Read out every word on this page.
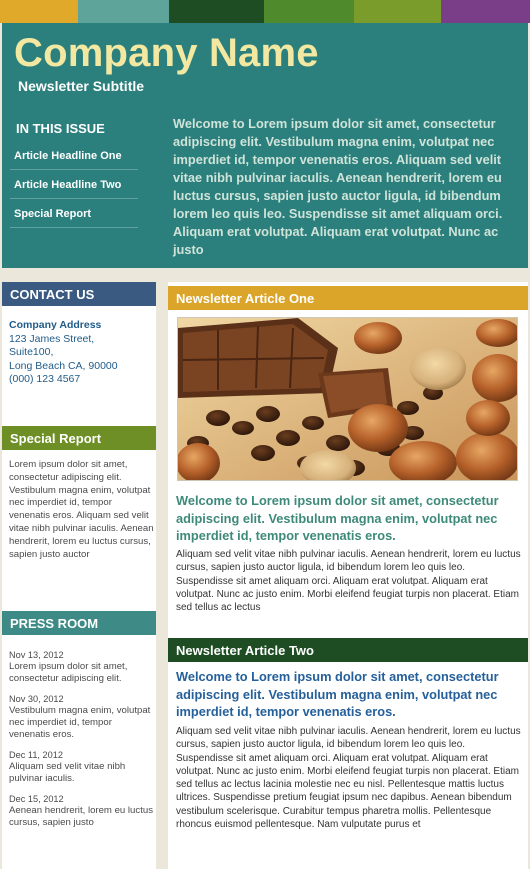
Company Name
Newsletter Subtitle
IN THIS ISSUE
Article Headline One
Article Headline Two
Special Report
Welcome to Lorem ipsum dolor sit amet, consectetur adipiscing elit. Vestibulum magna enim, volutpat nec imperdiet id, tempor venenatis eros. Aliquam sed velit vitae nibh pulvinar iaculis. Aenean hendrerit, lorem eu luctus cursus, sapien justo auctor ligula, id bibendum lorem leo quis leo. Suspendisse sit amet aliquam orci. Aliquam erat volutpat. Aliquam erat volutpat. Nunc ac justo
CONTACT US
Company Address
123 James Street,
Suite100,
Long Beach CA, 90000
(000) 123 4567
Special Report
Lorem ipsum dolor sit amet, consectetur adipiscing elit. Vestibulum magna enim, volutpat nec imperdiet id, tempor venenatis eros. Aliquam sed velit vitae nibh pulvinar iaculis. Aenean hendrerit, lorem eu luctus cursus, sapien justo auctor
PRESS ROOM
Nov 13, 2012
Lorem ipsum dolor sit amet, consectetur adipiscing elit.
Nov 30, 2012
Vestibulum magna enim, volutpat nec imperdiet id, tempor venenatis eros.
Dec 11, 2012
Aliquam sed velit vitae nibh pulvinar iaculis.
Dec 15, 2012
Aenean hendrerit, lorem eu luctus cursus, sapien justo
Newsletter Article One
Welcome to Lorem ipsum dolor sit amet, consectetur adipiscing elit. Vestibulum magna enim, volutpat nec imperdiet id, tempor venenatis eros.
Aliquam sed velit vitae nibh pulvinar iaculis. Aenean hendrerit, lorem eu luctus cursus, sapien justo auctor ligula, id bibendum lorem leo quis leo. Suspendisse sit amet aliquam orci. Aliquam erat volutpat. Aliquam erat volutpat. Nunc ac justo enim. Morbi eleifend feugiat turpis non placerat. Etiam sed tellus ac lectus
Newsletter Article Two
Welcome to Lorem ipsum dolor sit amet, consectetur adipiscing elit. Vestibulum magna enim, volutpat nec imperdiet id, tempor venenatis eros.
Aliquam sed velit vitae nibh pulvinar iaculis. Aenean hendrerit, lorem eu luctus cursus, sapien justo auctor ligula, id bibendum lorem leo quis leo. Suspendisse sit amet aliquam orci. Aliquam erat volutpat. Aliquam erat volutpat. Nunc ac justo enim. Morbi eleifend feugiat turpis non placerat. Etiam sed tellus ac lectus lacinia molestie nec eu nisl. Pellentesque mattis luctus ultrices. Suspendisse pretium feugiat ipsum nec dapibus. Aenean bibendum vestibulum scelerisque. Curabitur tempus pharetra mollis. Pellentesque rhoncus euismod pellentesque. Nam vulputate purus et
